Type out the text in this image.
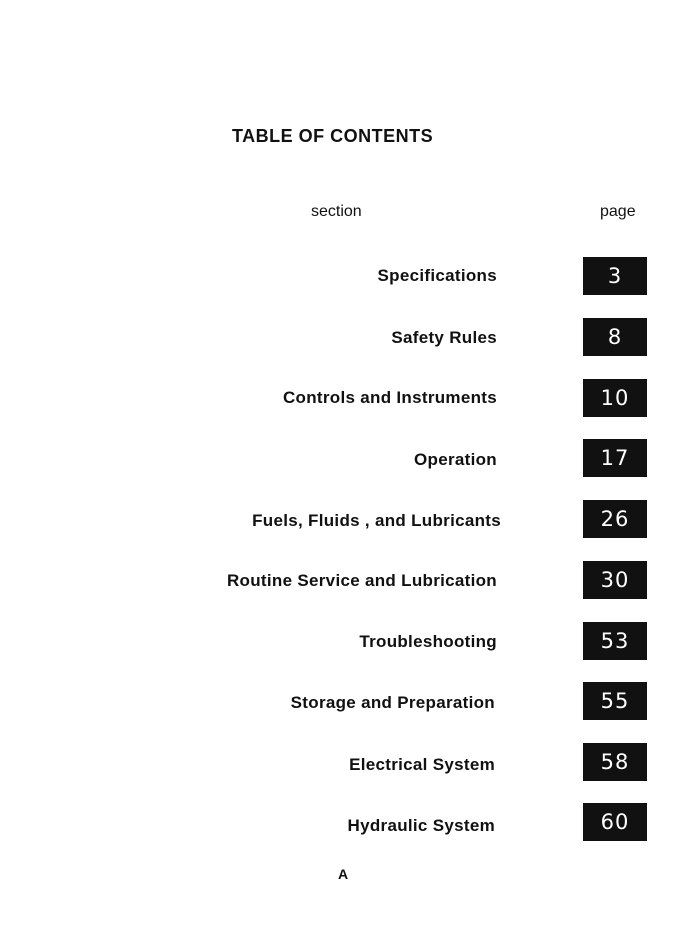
TABLE OF CONTENTS
section	page
Specifications	3
Safety Rules	8
Controls and Instruments	10
Operation	17
Fuels, Fluids , and Lubricants	26
Routine Service and Lubrication	30
Troubleshooting	53
Storage and Preparation	55
Electrical System	58
Hydraulic System	60
A
